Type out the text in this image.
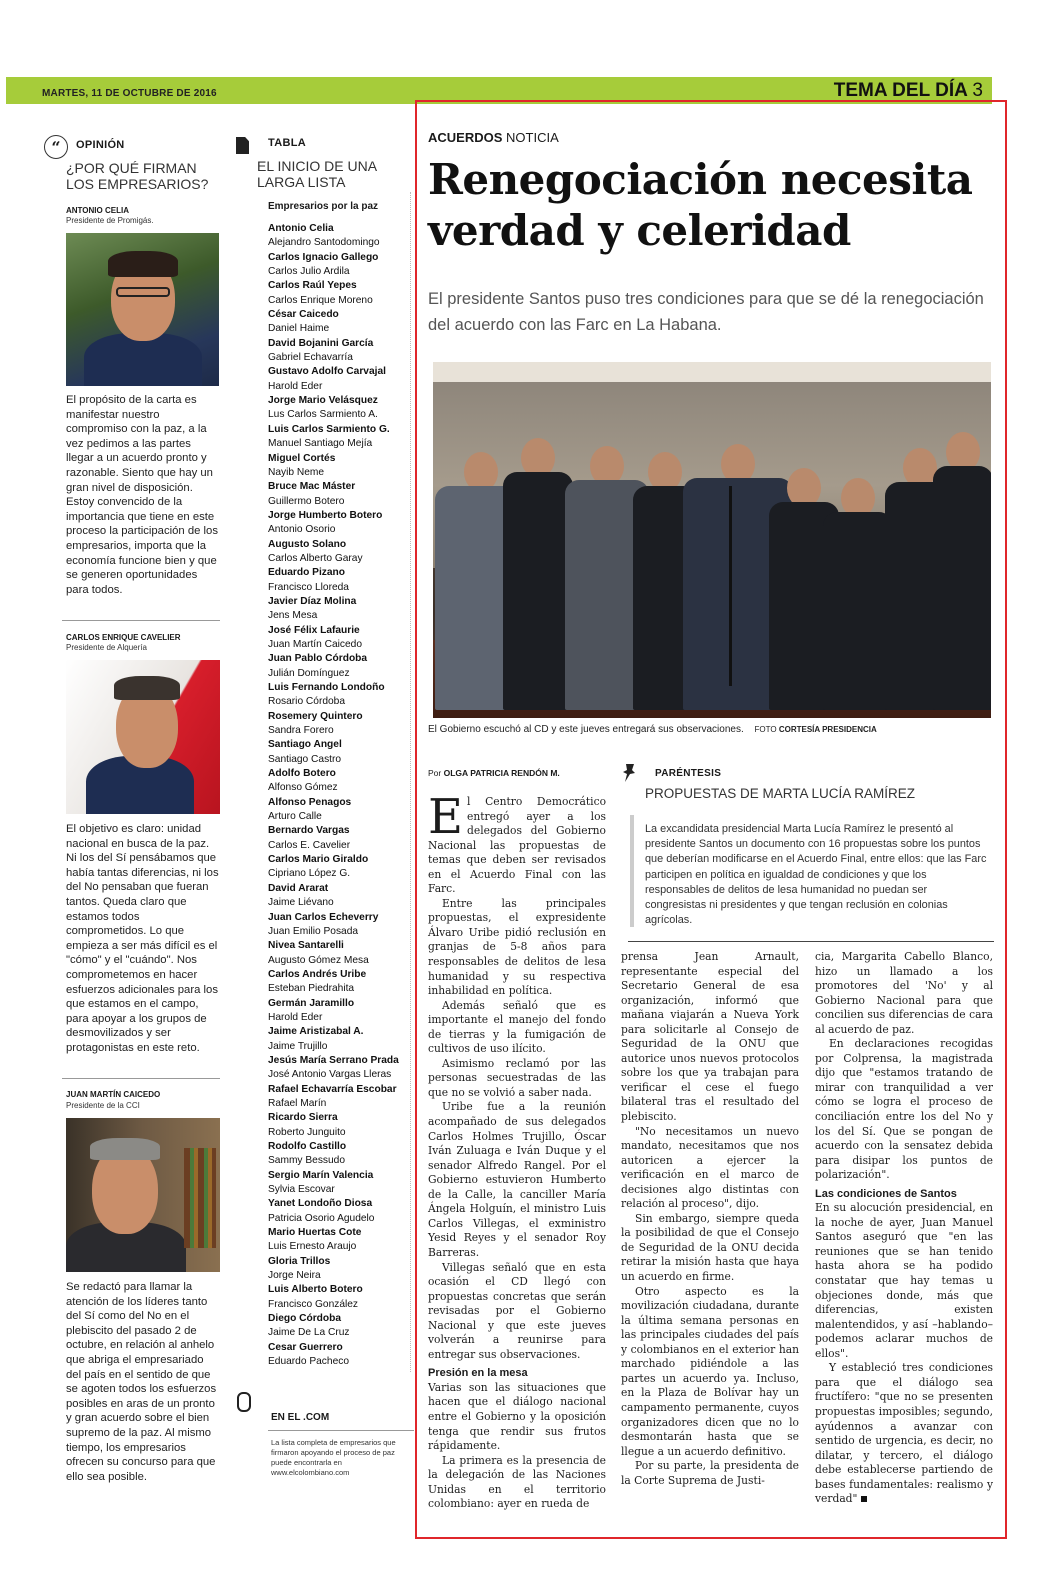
MARTES, 11 DE OCTUBRE DE 2016	TEMA DEL DÍA 3
“	OPINIÓN
¿POR QUÉ FIRMAN LOS EMPRESARIOS?
ANTONIO CELIA
Presidente de Promigás.
El propósito de la carta es manifestar nuestro compromiso con la paz, a la vez pedimos a las partes llegar a un acuerdo pronto y razonable. Siento que hay un gran nivel de disposición. Estoy convencido de la importancia que tiene en este proceso la participación de los empresarios, importa que la economía funcione bien y que se generen oportunidades para todos.
CARLOS ENRIQUE CAVELIER
Presidente de Alquería
El objetivo es claro: unidad nacional en busca de la paz. Ni los del Sí pensábamos que había tantas diferencias, ni los del No pensaban que fueran tantos. Queda claro que estamos todos comprometidos. Lo que empieza a ser más difícil es el "cómo" y el "cuándo". Nos comprometemos en hacer esfuerzos adicionales para los que estamos en el campo, para apoyar a los grupos de desmovilizados y ser protagonistas en este reto.
JUAN MARTÍN CAICEDO
Presidente de la CCI
Se redactó para llamar la atención de los líderes tanto del Sí como del No en el plebiscito del pasado 2 de octubre, en relación al anhelo que abriga el empresariado del país en el sentido de que se agoten todos los esfuerzos posibles en aras de un pronto y gran acuerdo sobre el bien supremo de la paz. Al mismo tiempo, los empresarios ofrecen su concurso para que ello sea posible.
TABLA
EL INICIO DE UNA LARGA LISTA
Empresarios por la paz
Antonio Celia
Alejandro Santodomingo
Carlos Ignacio Gallego
Carlos Julio Ardila
Carlos Raúl Yepes
Carlos Enrique Moreno
César Caicedo
Daniel Haime
David Bojanini García
Gabriel Echavarría
Gustavo Adolfo Carvajal
Harold Eder
Jorge Mario Velásquez
Lus Carlos Sarmiento A.
Luis Carlos Sarmiento G.
Manuel Santiago Mejía
Miguel Cortés
Nayib Neme
Bruce Mac Máster
Guillermo Botero
Jorge Humberto Botero
Antonio Osorio
Augusto Solano
Carlos Alberto Garay
Eduardo Pizano
Francisco Lloreda
Javier Díaz Molina
Jens Mesa
José Félix Lafaurie
Juan Martín Caicedo
Juan Pablo Córdoba
Julián Domínguez
Luis Fernando Londoño
Rosario Córdoba
Rosemery Quintero
Sandra Forero
Santiago Angel
Santiago Castro
Adolfo Botero
Alfonso Gómez
Alfonso Penagos
Arturo Calle
Bernardo Vargas
Carlos E. Cavelier
Carlos Mario Giraldo
Cipriano López G.
David Ararat
Jaime Liévano
Juan Carlos Echeverry
Juan Emilio Posada
Nivea Santarelli
Augusto Gómez Mesa
Carlos Andrés Uribe
Esteban Piedrahita
Germán Jaramillo
Harold Eder
Jaime Aristizabal A.
Jaime Trujillo
Jesús María Serrano Prada
José Antonio Vargas Lleras
Rafael Echavarría Escobar
Rafael Marín
Ricardo Sierra
Roberto Junguito
Rodolfo Castillo
Sammy Bessudo
Sergio Marín Valencia
Sylvia Escovar
Yanet Londoño Diosa
Patricia Osorio Agudelo
Mario Huertas Cote
Luis Ernesto Araujo
Gloria Trillos
Jorge Neira
Luis Alberto Botero
Francisco González
Diego Córdoba
Jaime De La Cruz
Cesar Guerrero
Eduardo Pacheco
EN EL .COM
La lista completa de empresarios que firmaron apoyando el proceso de paz puede encontrarla en www.elcolombiano.com
ACUERDOS NOTICIA
Renegociación necesita verdad y celeridad
El presidente Santos puso tres condiciones para que se dé la renegociación del acuerdo con las Farc en La Habana.
El Gobierno escuchó al CD y este jueves entregará sus observaciones. FOTO CORTESÍA PRESIDENCIA
Por OLGA PATRICIA RENDÓN M.	PARÉNTESIS
PROPUESTAS DE MARTA LUCÍA RAMÍREZ
La excandidata presidencial Marta Lucía Ramírez le presentó al presidente Santos un documento con 16 propuestas sobre los puntos que deberían modificarse en el Acuerdo Final, entre ellos: que las Farc participen en política en igualdad de condiciones y que los responsables de delitos de lesa humanidad no puedan ser congresistas ni presidentes y que tengan reclusión en colonias agrícolas.

El Centro Democrático entregó ayer a los delegados del Gobierno Nacional las propuestas de temas que deben ser revisados en el Acuerdo Final con las Farc.

Entre las principales propuestas, el expresidente Álvaro Uribe pidió reclusión en granjas de 5-8 años para responsables de delitos de lesa humanidad y su respectiva inhabilidad en política.

Además señaló que es importante el manejo del fondo de tierras y la fumigación de cultivos de uso ilícito.

Asimismo reclamó por las personas secuestradas de las que no se volvió a saber nada.

Uribe fue a la reunión acompañado de sus delegados Carlos Holmes Trujillo, Óscar Iván Zuluaga e Iván Duque y el senador Alfredo Rangel. Por el Gobierno estuvieron Humberto de la Calle, la canciller María Ángela Holguín, el ministro Luis Carlos Villegas, el exministro Yesid Reyes y el senador Roy Barreras.

Villegas señaló que en esta ocasión el CD llegó con propuestas concretas que serán revisadas por el Gobierno Nacional y que este jueves volverán a reunirse para entregar sus observaciones.

Presión en la mesa

Varias son las situaciones que hacen que el diálogo nacional entre el Gobierno y la oposición tenga que rendir sus frutos rápidamente.

La primera es la presencia de la delegación de las Naciones Unidas en el territorio colombiano: ayer en rueda de

prensa Jean Arnault, representante especial del Secretario General de esa organización, informó que mañana viajarán a Nueva York para solicitarle al Consejo de Seguridad de la ONU que autorice unos nuevos protocolos sobre los que ya trabajan para verificar el cese el fuego bilateral tras el resultado del plebiscito.

"No necesitamos un nuevo mandato, necesitamos que nos autoricen a ejercer la verificación en el marco de decisiones algo distintas con relación al proceso", dijo.

Sin embargo, siempre queda la posibilidad de que el Consejo de Seguridad de la ONU decida retirar la misión hasta que haya un acuerdo en firme.

Otro aspecto es la movilización ciudadana, durante la última semana personas en las principales ciudades del país y colombianos en el exterior han marchado pidiéndole a las partes un acuerdo ya. Incluso, en la Plaza de Bolívar hay un campamento permanente, cuyos organizadores dicen que no lo desmontarán hasta que se llegue a un acuerdo definitivo.

Por su parte, la presidenta de la Corte Suprema de Justi-

cia, Margarita Cabello Blanco, hizo un llamado a los promotores del 'No' y al Gobierno Nacional para que concilien sus diferencias de cara al acuerdo de paz.

En declaraciones recogidas por Colprensa, la magistrada dijo que "estamos tratando de mirar con tranquilidad a ver cómo se logra el proceso de conciliación entre los del No y los del Sí. Que se pongan de acuerdo con la sensatez debida para disipar los puntos de polarización".

Las condiciones de Santos

En su alocución presidencial, en la noche de ayer, Juan Manuel Santos aseguró que "en las reuniones que se han tenido hasta ahora se ha podido constatar que hay temas u objeciones donde, más que diferencias, existen malentendidos, y así –hablando– podemos aclarar muchos de ellos".

Y estableció tres condiciones para que el diálogo sea fructífero: "que no se presenten propuestas imposibles; segundo, ayúdennos a avanzar con sentido de urgencia, es decir, no dilatar, y tercero, el diálogo debe establecerse partiendo de bases fundamentales: realismo y verdad"
